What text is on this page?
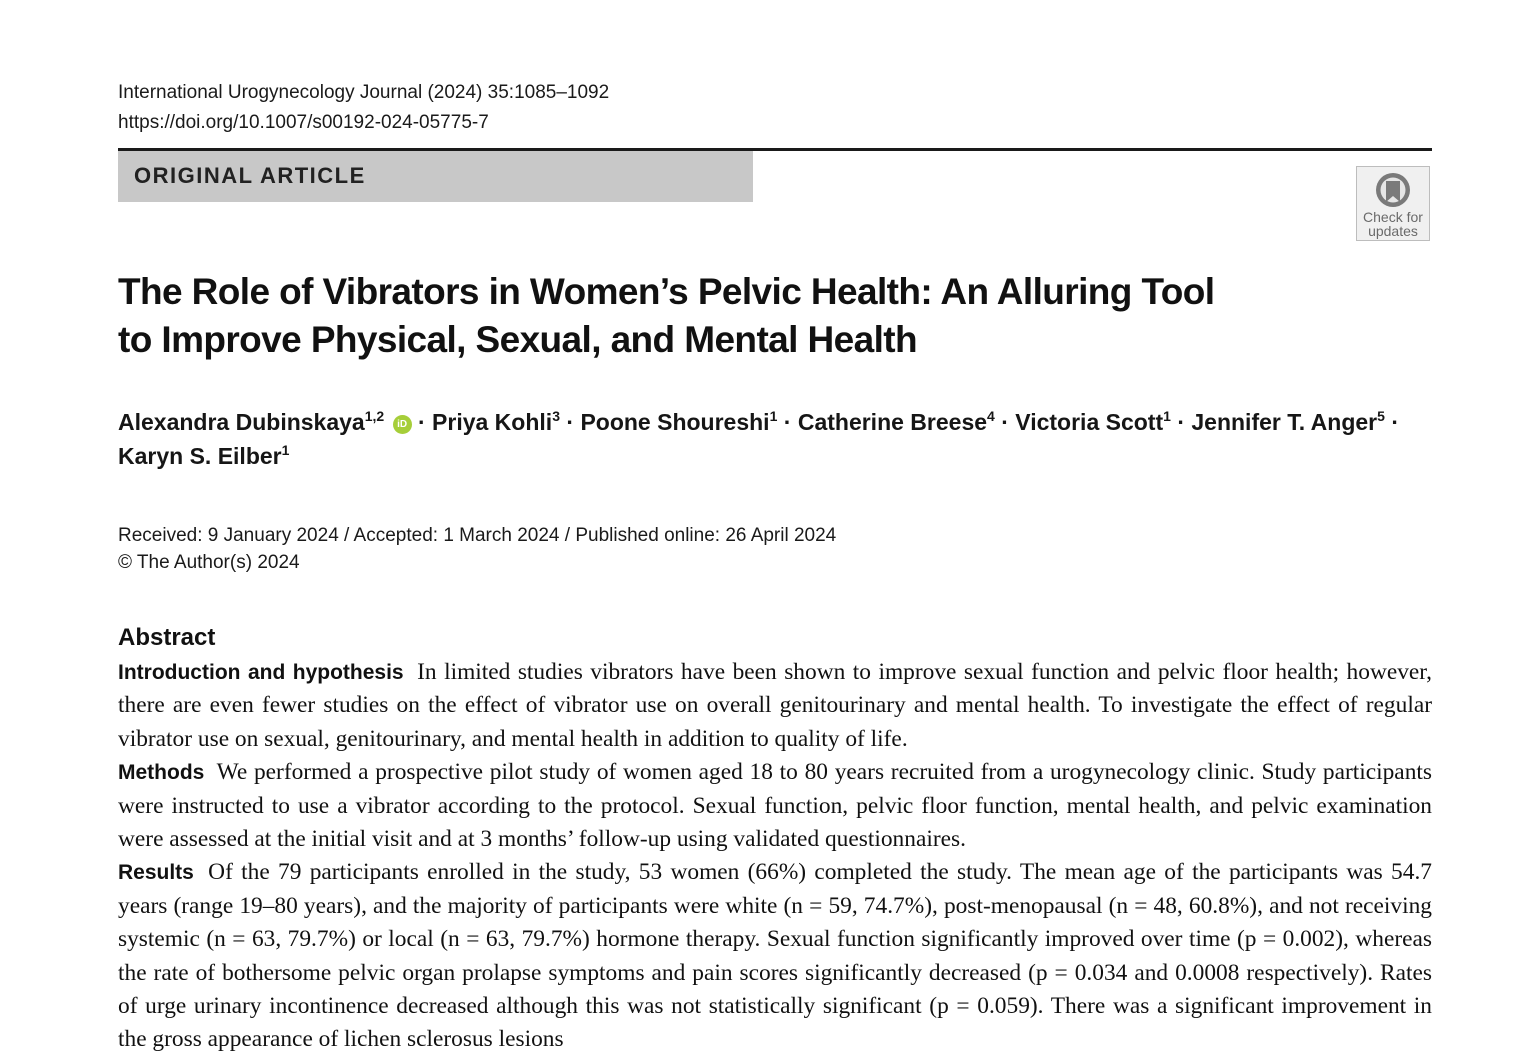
International Urogynecology Journal (2024) 35:1085–1092
https://doi.org/10.1007/s00192-024-05775-7
ORIGINAL ARTICLE
Check for
updates
The Role of Vibrators in Women’s Pelvic Health: An Alluring Tool
to Improve Physical, Sexual, and Mental Health
Alexandra Dubinskaya$^{1,2}$ iD · Priya Kohli$^3$ · Poone Shoureshi$^1$ · Catherine Breese$^4$ · Victoria Scott$^1$ · Jennifer T. Anger$^5$ · Karyn S. Eilber$^1$
Received: 9 January 2024 / Accepted: 1 March 2024 / Published online: 26 April 2024
© The Author(s) 2024
Abstract

Introduction and hypothesis In limited studies vibrators have been shown to improve sexual function and pelvic floor health; however, there are even fewer studies on the effect of vibrator use on overall genitourinary and mental health. To investigate the effect of regular vibrator use on sexual, genitourinary, and mental health in addition to quality of life.

Methods We performed a prospective pilot study of women aged 18 to 80 years recruited from a urogynecology clinic. Study participants were instructed to use a vibrator according to the protocol. Sexual function, pelvic floor function, mental health, and pelvic examination were assessed at the initial visit and at 3 months’ follow-up using validated questionnaires.

Results Of the 79 participants enrolled in the study, 53 women (66%) completed the study. The mean age of the participants was 54.7 years (range 19–80 years), and the majority of participants were white (n = 59, 74.7%), post-menopausal (n = 48, 60.8%), and not receiving systemic (n = 63, 79.7%) or local (n = 63, 79.7%) hormone therapy. Sexual function significantly improved over time (p = 0.002), whereas the rate of bothersome pelvic organ prolapse symptoms and pain scores significantly decreased (p = 0.034 and 0.0008 respectively). Rates of urge urinary incontinence decreased although this was not statistically significant (p = 0.059). There was a significant improvement in the gross appearance of lichen sclerosus lesions
